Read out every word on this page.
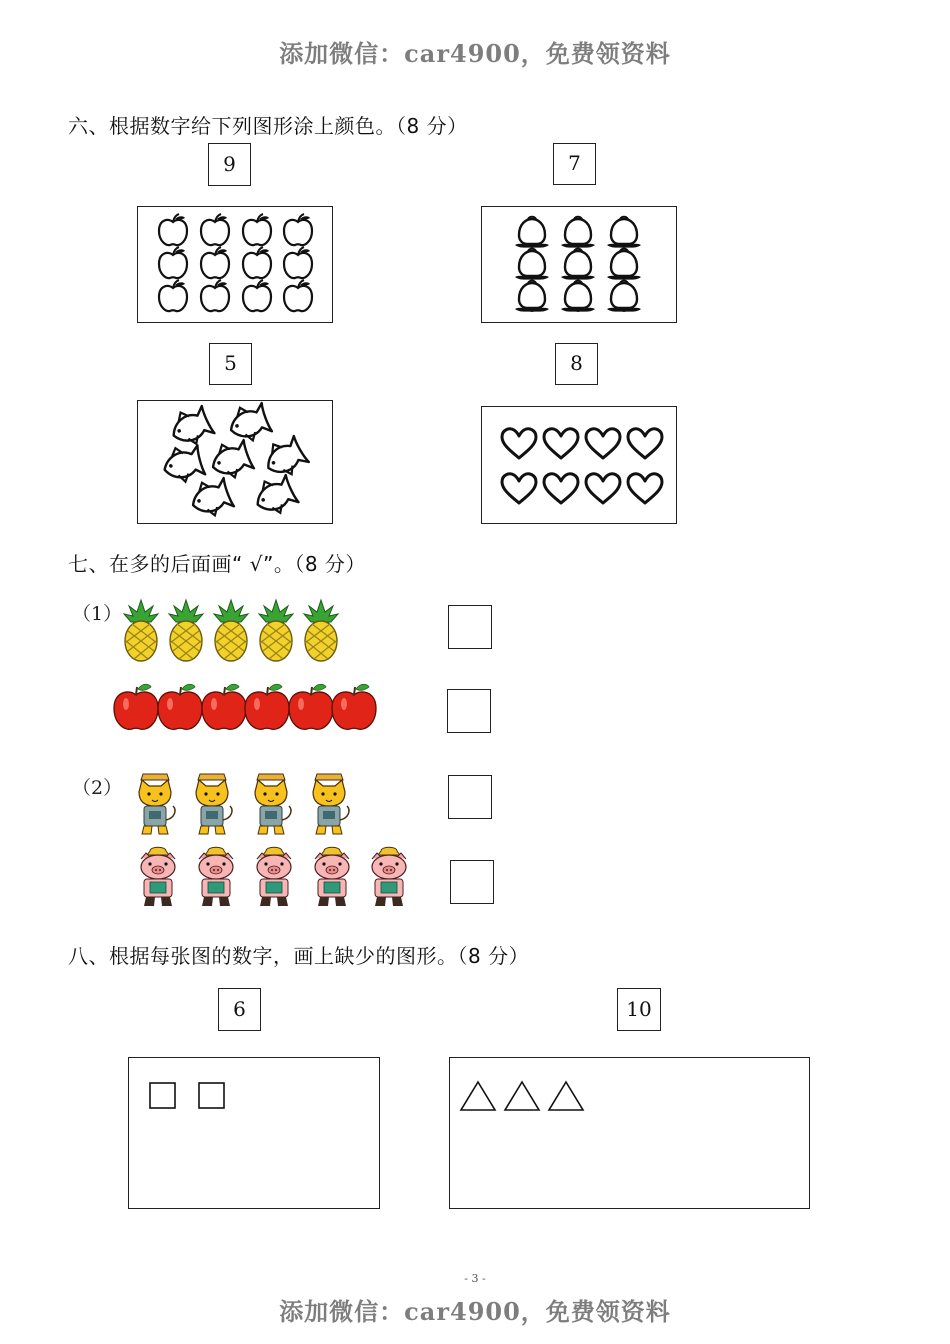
添加微信：car4900，免费领资料
添加微信：car4900，免费领资料
六、根据数字给下列图形涂上颜色。（8 分）
9	7
5	8
七、在多的后面画“ √”。（8 分）
（1）
（2）
八、根据每张图的数字，画上缺少的图形。（8 分）
6	10
- 3 -
